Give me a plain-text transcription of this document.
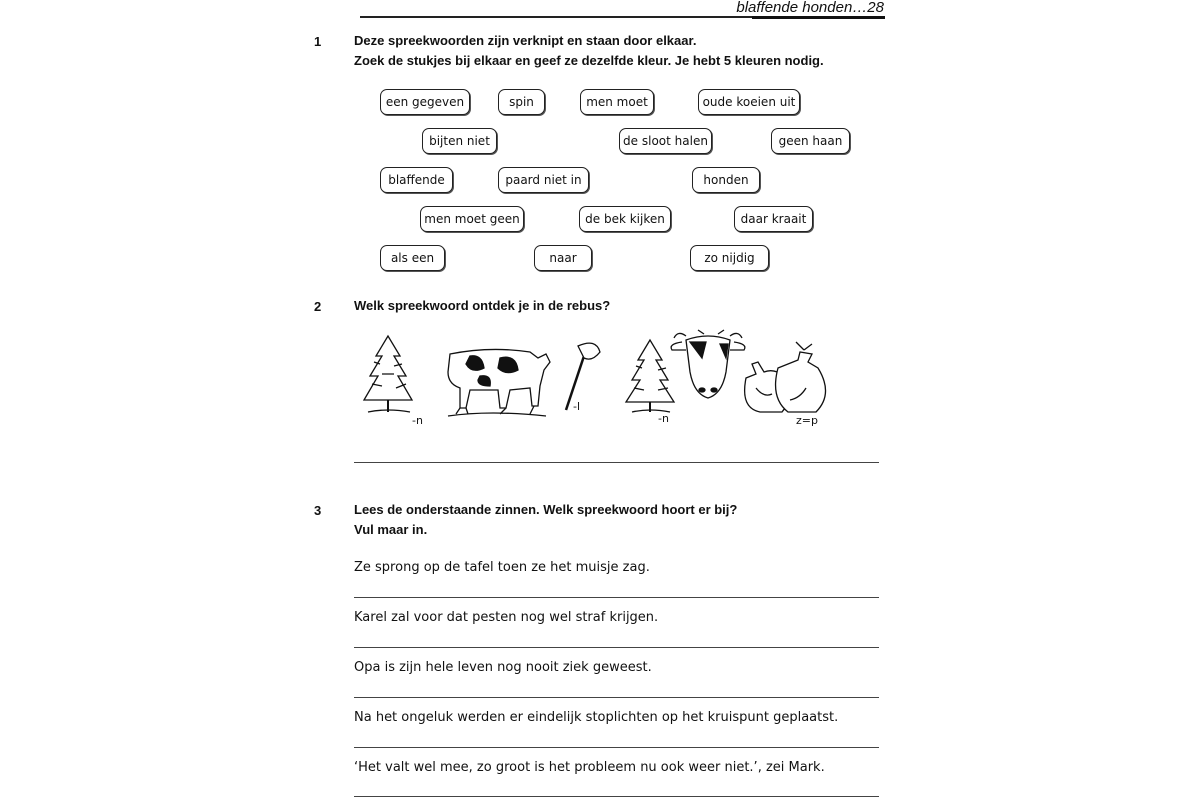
blaffende honden…28
1	Deze spreekwoorden zijn verknipt en staan door elkaar.
Zoek de stukjes bij elkaar en geef ze dezelfde kleur. Je hebt 5 kleuren nodig.
een gegeven	spin	men moet	oude koeien uit
bijten niet	de sloot halen	geen haan
blaffende	paard niet in	honden
men moet geen	de bek kijken	daar kraait
als een	naar	zo nijdig
2	Welk spreekwoord ontdek je in de rebus?
-n
-l
-n	z=p
3	Lees de onderstaande zinnen. Welk spreekwoord hoort er bij?
Vul maar in.
Ze sprong op de tafel toen ze het muisje zag.
Karel zal voor dat pesten nog wel straf krijgen.
Opa is zijn hele leven nog nooit ziek geweest.
Na het ongeluk werden er eindelijk stoplichten op het kruispunt geplaatst.
‘Het valt wel mee, zo groot is het probleem nu ook weer niet.’, zei Mark.
